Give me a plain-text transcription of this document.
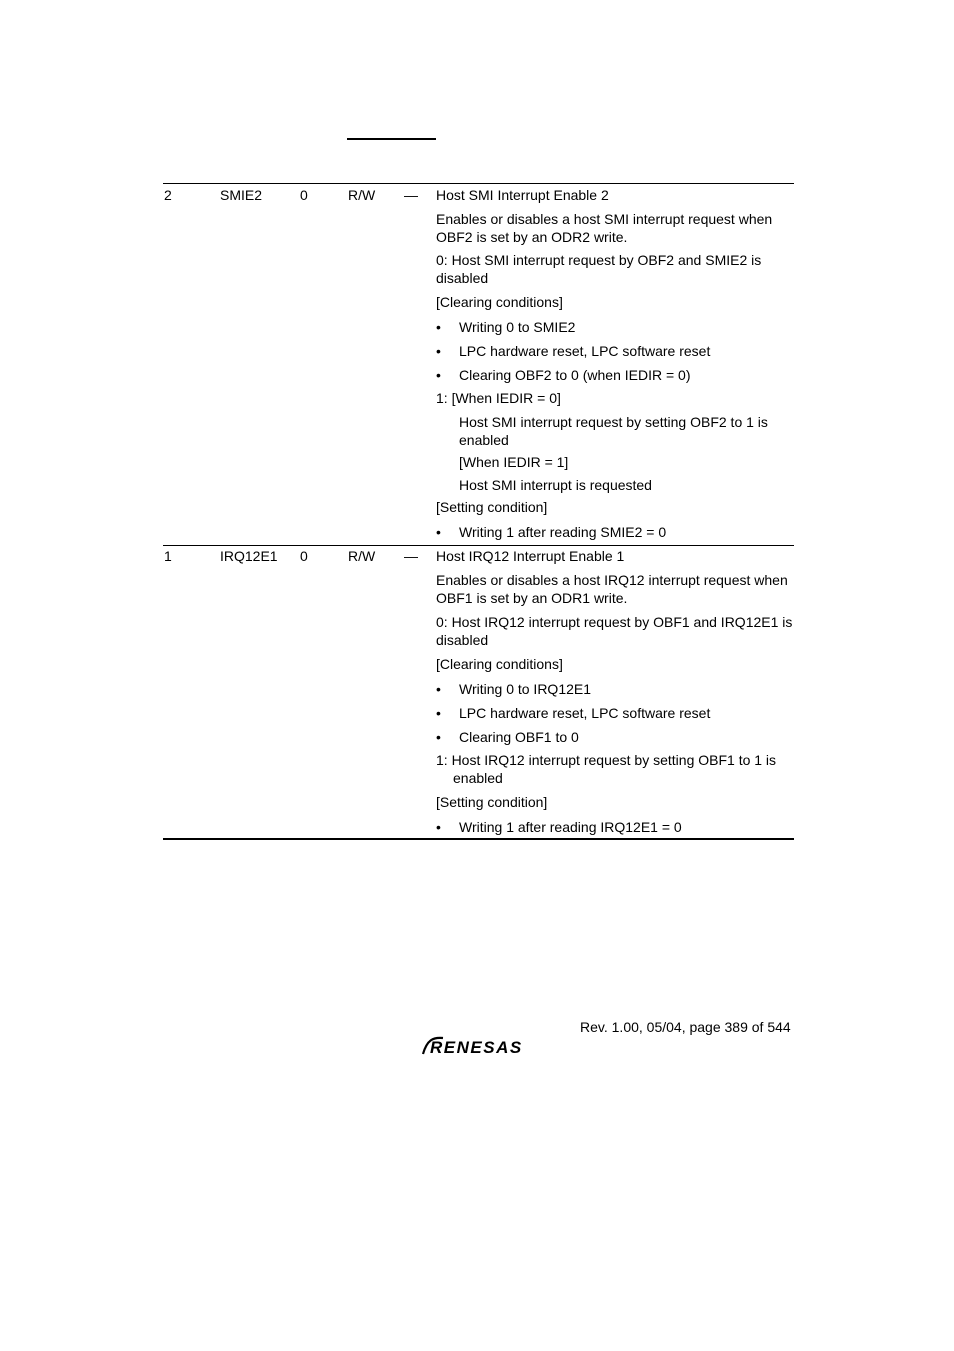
2	SMIE2	0	R/W — Host SMI Interrupt Enable 2
Enables or disables a host SMI interrupt request when OBF2 is set by an ODR2 write.
0: Host SMI interrupt request by OBF2 and SMIE2 is disabled
[Clearing conditions]
• Writing 0 to SMIE2
• LPC hardware reset, LPC software reset
• Clearing OBF2 to 0 (when IEDIR = 0)
1: [When IEDIR = 0]
Host SMI interrupt request by setting OBF2 to 1 is enabled
[When IEDIR = 1]
Host SMI interrupt is requested
[Setting condition]
• Writing 1 after reading SMIE2 = 0
1	IRQ12E1 0	R/W — Host IRQ12 Interrupt Enable 1
Enables or disables a host IRQ12 interrupt request when OBF1 is set by an ODR1 write.
0: Host IRQ12 interrupt request by OBF1 and IRQ12E1 is disabled
[Clearing conditions]
• Writing 0 to IRQ12E1
• LPC hardware reset, LPC software reset
• Clearing OBF1 to 0
1: Host IRQ12 interrupt request by setting OBF1 to 1 is enabled
[Setting condition]
• Writing 1 after reading IRQ12E1 = 0
Rev. 1.00, 05/04, page 389 of 544
RENESAS
